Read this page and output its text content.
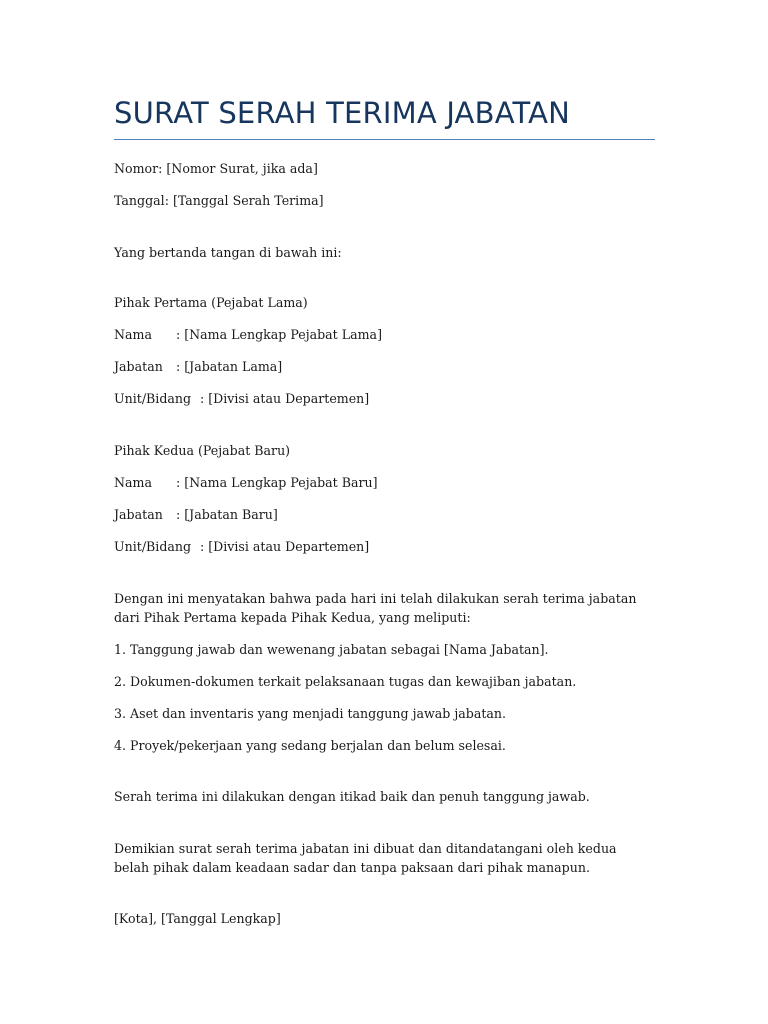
SURAT SERAH TERIMA JABATAN

Nomor: [Nomor Surat, jika ada]

Tanggal: [Tanggal Serah Terima]

Yang bertanda tangan di bawah ini:

Pihak Pertama (Pejabat Lama)

Nama : [Nama Lengkap Pejabat Lama]

Jabatan : [Jabatan Lama]

Unit/Bidang : [Divisi atau Departemen]

Pihak Kedua (Pejabat Baru)

Nama : [Nama Lengkap Pejabat Baru]

Jabatan : [Jabatan Baru]

Unit/Bidang : [Divisi atau Departemen]

Dengan ini menyatakan bahwa pada hari ini telah dilakukan serah terima jabatan dari Pihak Pertama kepada Pihak Kedua, yang meliputi:

1. Tanggung jawab dan wewenang jabatan sebagai [Nama Jabatan].

2. Dokumen-dokumen terkait pelaksanaan tugas dan kewajiban jabatan.

3. Aset dan inventaris yang menjadi tanggung jawab jabatan.

4. Proyek/pekerjaan yang sedang berjalan dan belum selesai.

Serah terima ini dilakukan dengan itikad baik dan penuh tanggung jawab.

Demikian surat serah terima jabatan ini dibuat dan ditandatangani oleh kedua belah pihak dalam keadaan sadar dan tanpa paksaan dari pihak manapun.

[Kota], [Tanggal Lengkap]
